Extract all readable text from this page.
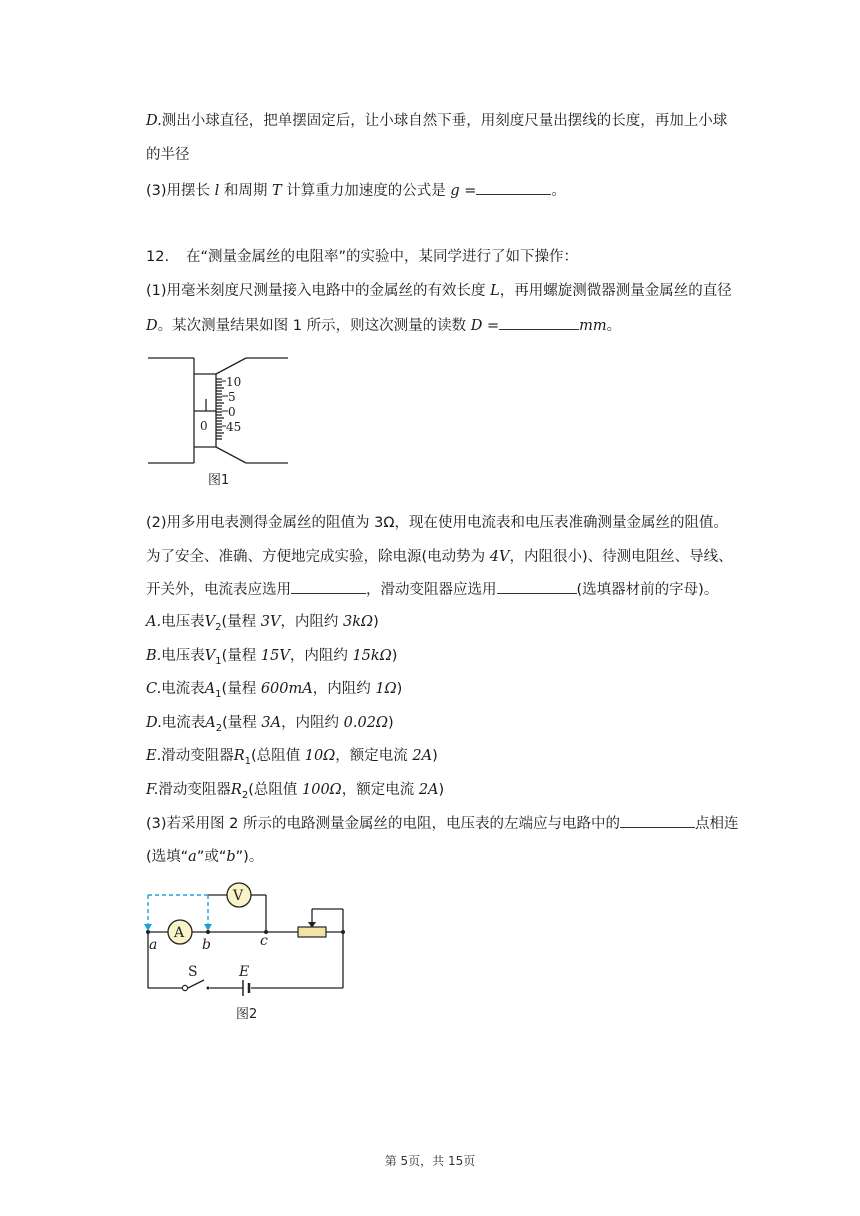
D.测出小球直径，把单摆固定后，让小球自然下垂，用刻度尺量出摆线的长度，再加上小球
的半径
(3)用摆长 l 和周期 T 计算重力加速度的公式是 g =	。
12. 在“测量金属丝的电阻率”的实验中，某同学进行了如下操作：
(1)用毫米刻度尺测量接入电路中的金属丝的有效长度 L，再用螺旋测微器测量金属丝的直径
D。某次测量结果如图 1 所示，则这次测量的读数 D =	mm。
10
5
0
45
0
图1
(2)用多用电表测得金属丝的阻值为 3Ω，现在使用电流表和电压表准确测量金属丝的阻值。
为了安全、准确、方便地完成实验，除电源(电动势为 4V，内阻很小)、待测电阻丝、导线、
开关外，电流表应选用	，滑动变阻器应选用	(选填器材前的字母)。
A.电压表$V_2$(量程 3V，内阻约 3kΩ)
B.电压表$V_1$(量程 15V，内阻约 15kΩ)
C.电流表$A_1$(量程 600mA，内阻约 1Ω)
D.电流表$A_2$(量程 3A，内阻约 0.02Ω)
E.滑动变阻器$R_1$(总阻值 10Ω，额定电流 2A)
F.滑动变阻器$R_2$(总阻值 100Ω，额定电流 2A)
(3)若采用图 2 所示的电路测量金属丝的电阻，电压表的左端应与电路中的	点相连
(选填“a”或“b”)。
A
V
a	b	c
S	E
图2
第 5页，共 15页
